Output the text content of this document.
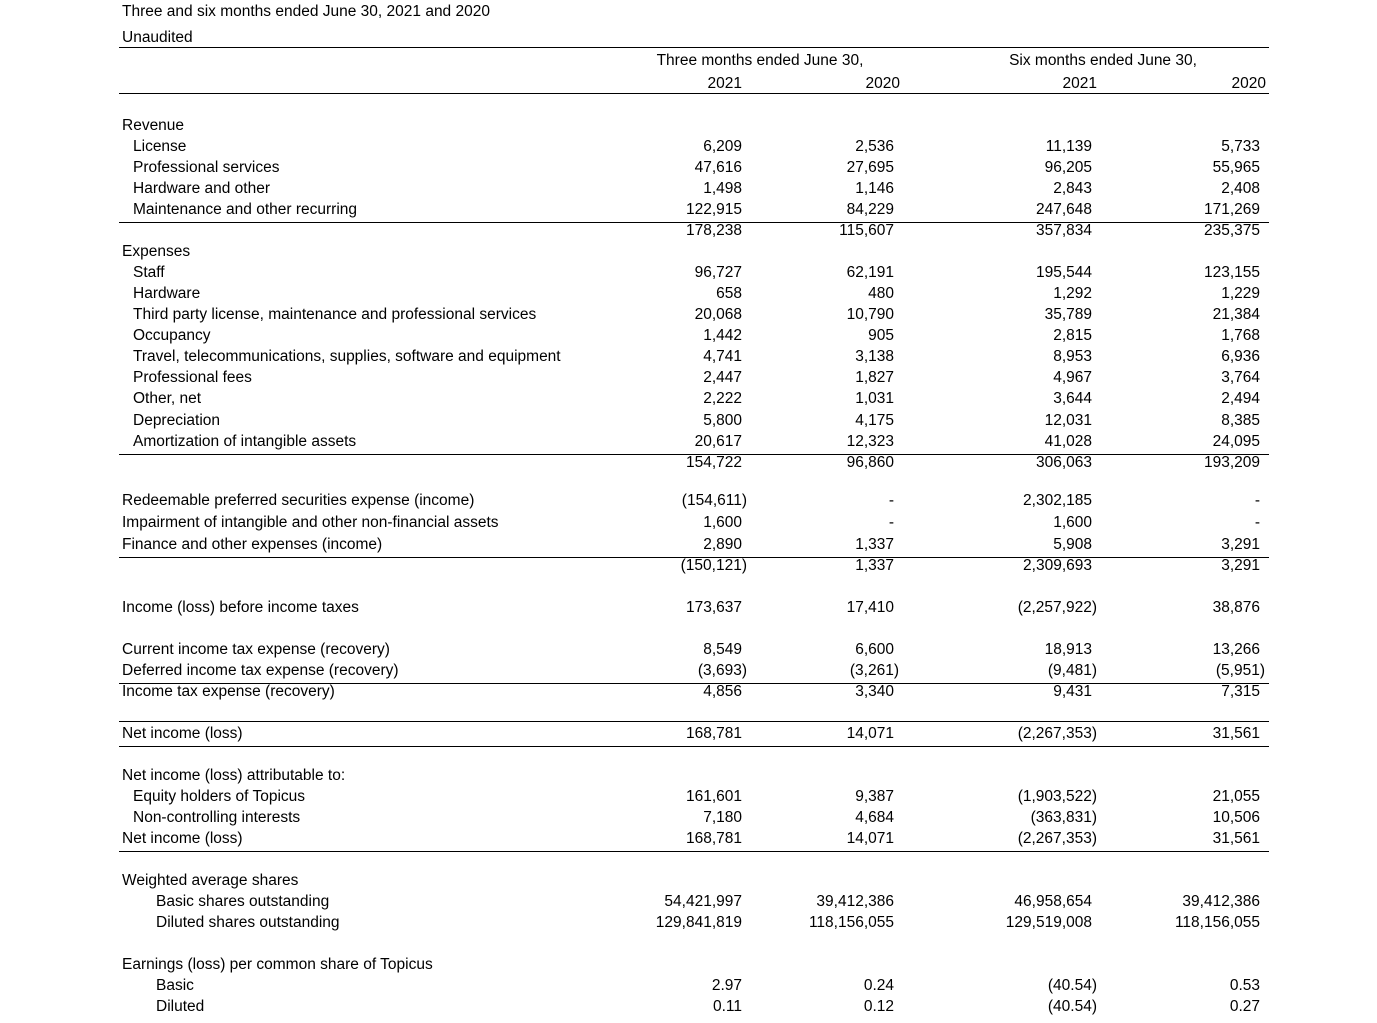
Three and six months ended June 30, 2021 and 2020
Unaudited
Three months ended June 30,	Six months ended June 30,
2021	2020	2021	2020
Revenue
License	6,209	2,536	11,139	5,733
Professional services	47,616	27,695	96,205	55,965
Hardware and other	1,498	1,146	2,843	2,408
Maintenance and other recurring	122,915	84,229	247,648	171,269
178,238	115,607	357,834	235,375
Expenses
Staff	96,727	62,191	195,544	123,155
Hardware	658	480	1,292	1,229
Third party license, maintenance and professional services	20,068	10,790	35,789	21,384
Occupancy	1,442	905	2,815	1,768
Travel, telecommunications, supplies, software and equipment	4,741	3,138	8,953	6,936
Professional fees	2,447	1,827	4,967	3,764
Other, net	2,222	1,031	3,644	2,494
Depreciation	5,800	4,175	12,031	8,385
Amortization of intangible assets	20,617	12,323	41,028	24,095
154,722	96,860	306,063	193,209
Redeemable preferred securities expense (income)	(154,611)	-	2,302,185	-
Impairment of intangible and other non-financial assets	1,600	-	1,600	-
Finance and other expenses (income)	2,890	1,337	5,908	3,291
(150,121)	1,337	2,309,693	3,291
Income (loss) before income taxes	173,637	17,410	(2,257,922)	38,876
Current income tax expense (recovery)	8,549	6,600	18,913	13,266
Deferred income tax expense (recovery)	(3,693)	(3,261)	(9,481)	(5,951)
Income tax expense (recovery)	4,856	3,340	9,431	7,315
Net income (loss)	168,781	14,071	(2,267,353)	31,561
Net income (loss) attributable to:
Equity holders of Topicus	161,601	9,387	(1,903,522)	21,055
Non-controlling interests	7,180	4,684	(363,831)	10,506
Net income (loss)	168,781	14,071	(2,267,353)	31,561
Weighted average shares
Basic shares outstanding	54,421,997	39,412,386	46,958,654	39,412,386
Diluted shares outstanding	129,841,819	118,156,055	129,519,008	118,156,055
Earnings (loss) per common share of Topicus
Basic	2.97	0.24	(40.54)	0.53
Diluted	0.11	0.12	(40.54)	0.27
